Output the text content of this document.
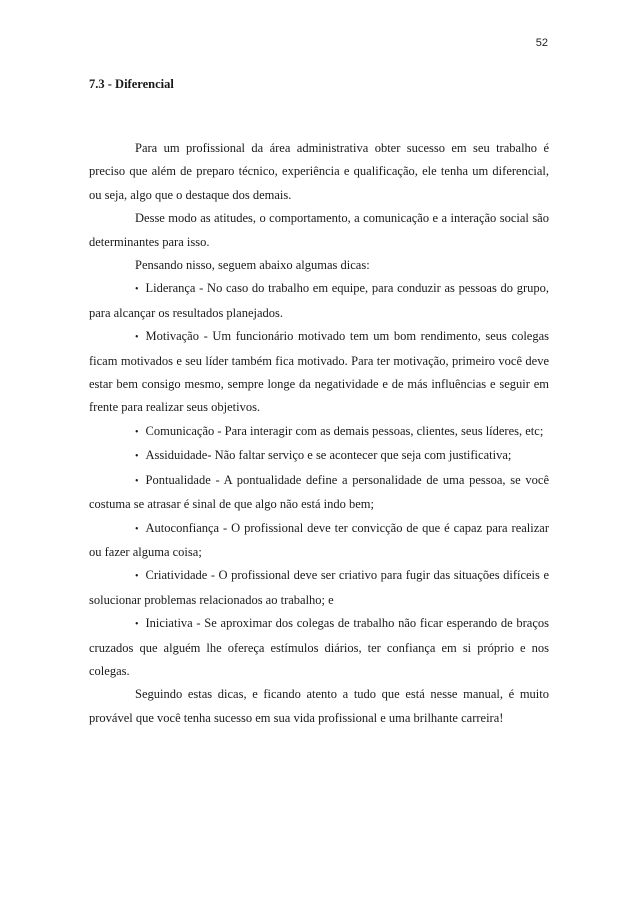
52
7.3 - Diferencial

Para um profissional da área administrativa obter sucesso em seu trabalho é preciso que além de preparo técnico, experiência e qualificação, ele tenha um diferencial, ou seja, algo que o destaque dos demais.

Desse modo as atitudes, o comportamento, a comunicação e a interação social são determinantes para isso.

Pensando nisso, seguem abaixo algumas dicas:

• Liderança - No caso do trabalho em equipe, para conduzir as pessoas do grupo, para alcançar os resultados planejados.

• Motivação - Um funcionário motivado tem um bom rendimento, seus colegas ficam motivados e seu líder também fica motivado. Para ter motivação, primeiro você deve estar bem consigo mesmo, sempre longe da negatividade e de más influências e seguir em frente para realizar seus objetivos.

• Comunicação - Para interagir com as demais pessoas, clientes, seus líderes, etc;

• Assiduidade- Não faltar serviço e se acontecer que seja com justificativa;

• Pontualidade - A pontualidade define a personalidade de uma pessoa, se você costuma se atrasar é sinal de que algo não está indo bem;

• Autoconfiança - O profissional deve ter convicção de que é capaz para realizar ou fazer alguma coisa;

• Criatividade - O profissional deve ser criativo para fugir das situações difíceis e solucionar problemas relacionados ao trabalho; e

• Iniciativa - Se aproximar dos colegas de trabalho não ficar esperando de braços cruzados que alguém lhe ofereça estímulos diários, ter confiança em si próprio e nos colegas.

Seguindo estas dicas, e ficando atento a tudo que está nesse manual, é muito provável que você tenha sucesso em sua vida profissional e uma brilhante carreira!
